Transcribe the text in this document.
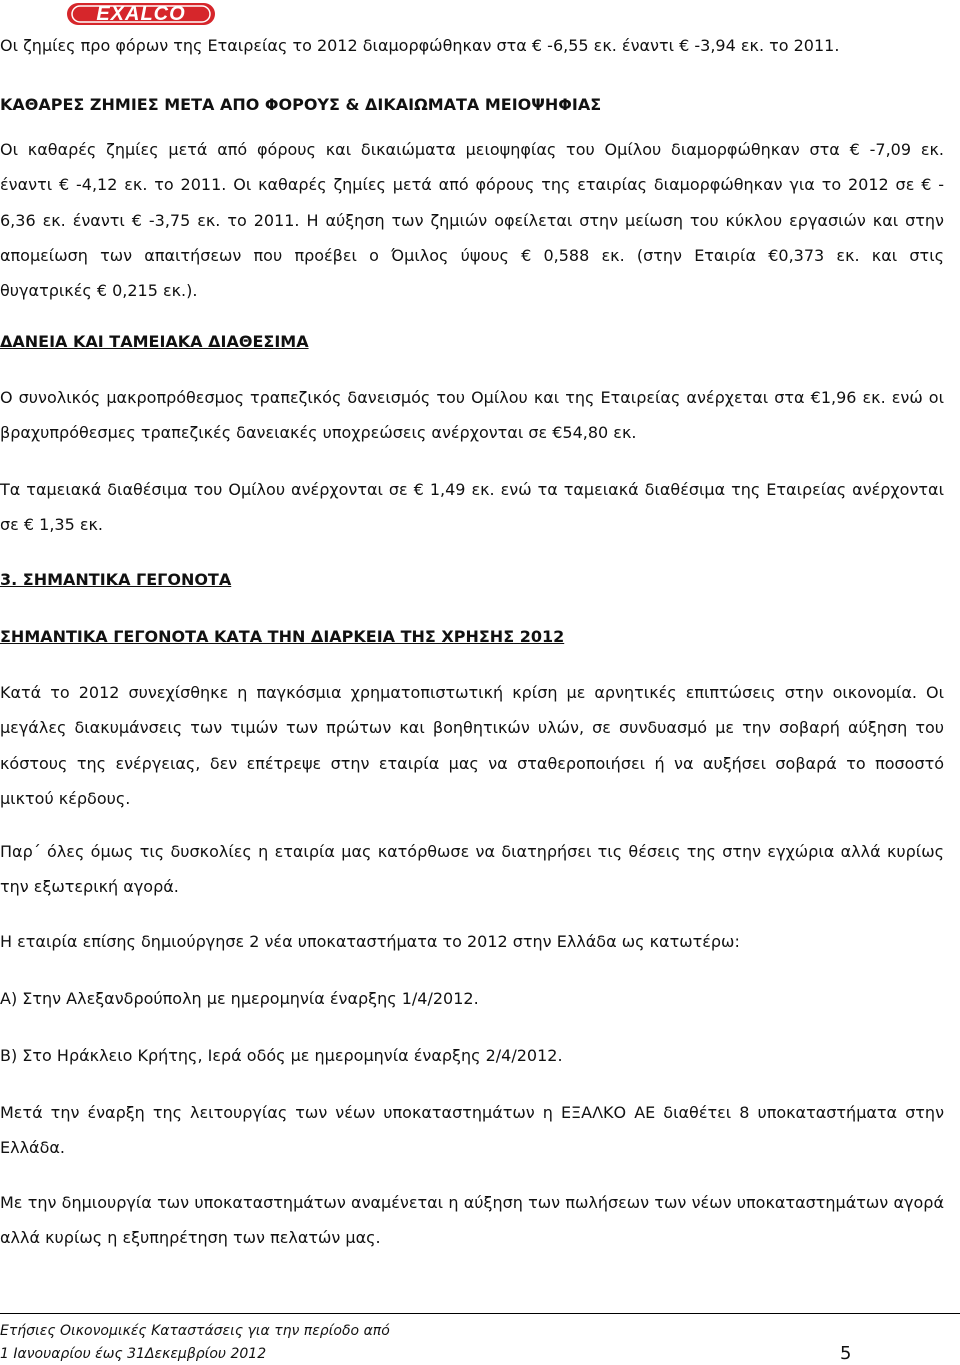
EXALCO
Οι ζημίες προ φόρων της Εταιρείας το 2012 διαμορφώθηκαν στα € -6,55 εκ. έναντι € -3,94 εκ. το 2011.
ΚΑΘΑΡΕΣ ΖΗΜΙΕΣ ΜΕΤΑ ΑΠΟ ΦΟΡΟΥΣ & ΔΙΚΑΙΩΜΑΤΑ ΜΕΙΟΨΗΦΙΑΣ
Οι καθαρές ζημίες μετά από φόρους και δικαιώματα μειοψηφίας του Ομίλου διαμορφώθηκαν στα € -7,09 εκ.
έναντι € -4,12 εκ. το 2011. Οι καθαρές ζημίες μετά από φόρους της εταιρίας διαμορφώθηκαν για το 2012 σε € -
6,36 εκ. έναντι € -3,75 εκ. το 2011. Η αύξηση των ζημιών οφείλεται στην μείωση του κύκλου εργασιών και στην
απομείωση των απαιτήσεων που προέβει ο Όμιλος ύψους € 0,588 εκ. (στην Εταιρία €0,373 εκ. και στις
θυγατρικές € 0,215 εκ.).
ΔΑΝΕΙΑ ΚΑΙ ΤΑΜΕΙΑΚΑ ΔΙΑΘΕΣΙΜΑ
Ο συνολικός μακροπρόθεσμος τραπεζικός δανεισμός του Ομίλου και της Εταιρείας ανέρχεται στα €1,96 εκ. ενώ οι
βραχυπρόθεσμες τραπεζικές δανειακές υποχρεώσεις ανέρχονται σε €54,80 εκ.
Τα ταμειακά διαθέσιμα του Ομίλου ανέρχονται σε € 1,49 εκ. ενώ τα ταμειακά διαθέσιμα της Εταιρείας ανέρχονται
σε € 1,35 εκ.
3. ΣΗΜΑΝΤΙΚΑ ΓΕΓΟΝΟΤΑ
ΣΗΜΑΝΤΙΚΑ ΓΕΓΟΝΟΤΑ ΚΑΤΑ ΤΗΝ ΔΙΑΡΚΕΙΑ ΤΗΣ ΧΡΗΣΗΣ 2012
Κατά το 2012 συνεχίσθηκε η παγκόσμια χρηματοπιστωτική κρίση με αρνητικές επιπτώσεις στην οικονομία. Οι
μεγάλες διακυμάνσεις των τιμών των πρώτων και βοηθητικών υλών, σε συνδυασμό με την σοβαρή αύξηση του
κόστους της ενέργειας, δεν επέτρεψε στην εταιρία μας να σταθεροποιήσει ή να αυξήσει σοβαρά το ποσοστό
μικτού κέρδους.
Παρ΄ όλες όμως τις δυσκολίες η εταιρία μας κατόρθωσε να διατηρήσει τις θέσεις της στην εγχώρια αλλά κυρίως
την εξωτερική αγορά.
Η εταιρία επίσης δημιούργησε 2 νέα υποκαταστήματα το 2012 στην Ελλάδα ως κατωτέρω:
Α) Στην Αλεξανδρούπολη με ημερομηνία έναρξης 1/4/2012.
Β) Στο Ηράκλειο Κρήτης, Ιερά οδός με ημερομηνία έναρξης 2/4/2012.
Μετά την έναρξη της λειτουργίας των νέων υποκαταστημάτων η ΕΞΑΛΚΟ ΑΕ διαθέτει 8 υποκαταστήματα στην
Ελλάδα.
Με την δημιουργία των υποκαταστημάτων αναμένεται η αύξηση των πωλήσεων των νέων υποκαταστημάτων αγορά
αλλά κυρίως η εξυπηρέτηση των πελατών μας.
Ετήσιες Οικονομικές Καταστάσεις για την περίοδο από
1 Ιανουαρίου έως 31Δεκεμβρίου 2012	5
